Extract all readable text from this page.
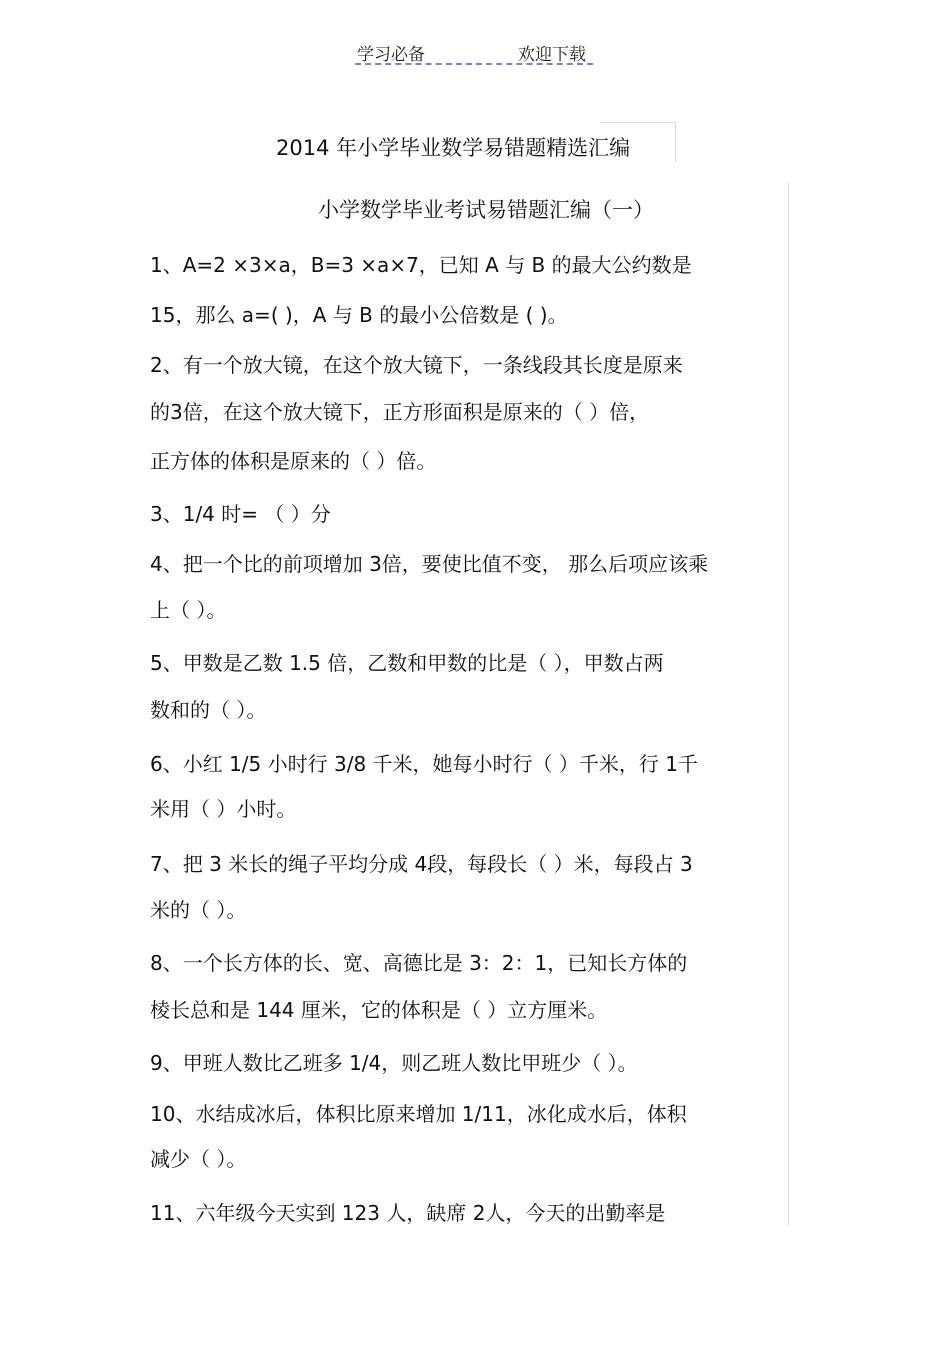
学习必备	欢迎下载
2014 年小学毕业数学易错题精选汇编
小学数学毕业考试易错题汇编（一）
1、A=2 ×3×a，B=3 ×a×7，已知 A 与 B 的最大公约数是
15，那么 a=( )，A 与 B 的最小公倍数是 ( )。
2、有一个放大镜，在这个放大镜下，一条线段其长度是原来
的3倍，在这个放大镜下，正方形面积是原来的（ ）倍，
正方体的体积是原来的（ ）倍。
3、1/4 时= （ ）分
4、把一个比的前项增加 3倍，要使比值不变， 那么后项应该乘
上（ ）。
5、甲数是乙数 1.5 倍，乙数和甲数的比是（ ），甲数占两
数和的（ ）。
6、小红 1/5 小时行 3/8 千米，她每小时行（ ）千米，行 1千
米用（ ）小时。
7、把 3 米长的绳子平均分成 4段，每段长（ ）米，每段占 3
米的（ ）。
8、一个长方体的长、宽、高德比是 3：2：1，已知长方体的
棱长总和是 144 厘米，它的体积是（ ）立方厘米。
9、甲班人数比乙班多 1/4，则乙班人数比甲班少（ ）。
10、水结成冰后，体积比原来增加 1/11，冰化成水后，体积
减少（ ）。
11、六年级今天实到 123 人，缺席 2人，今天的出勤率是
